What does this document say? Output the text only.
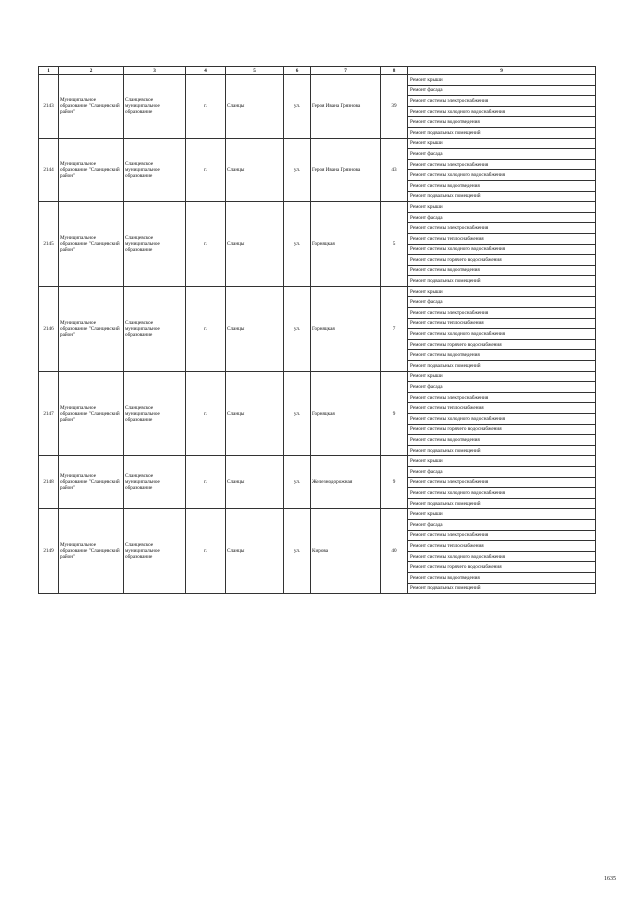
1	2	3	4	5	6	7	8	9
2143	Муниципальное образование "Сланцевский район"	Сланцевское муниципальное образование	г.	Сланцы	ул.	Героя Ивана Грязнова	39	Ремонт крыши
								Ремонт фасада
								Ремонт системы электроснабжения
								Ремонт системы холодного водоснабжения
								Ремонт системы водоотведения
								Ремонт подвальных помещений
2144	Муниципальное образование "Сланцевский район"	Сланцевское муниципальное образование	г.	Сланцы	ул.	Героя Ивана Грязнова	43	Ремонт крыши
								Ремонт фасада
								Ремонт системы электроснабжения
								Ремонт системы холодного водоснабжения
								Ремонт системы водоотведения
								Ремонт подвальных помещений
2145	Муниципальное образование "Сланцевский район"	Сланцевское муниципальное образование	г.	Сланцы	ул.	Горняцкая	5	Ремонт крыши
								Ремонт фасада
								Ремонт системы электроснабжения
								Ремонт системы теплоснабжения
								Ремонт системы холодного водоснабжения
								Ремонт системы горячего водоснабжения
								Ремонт системы водоотведения
								Ремонт подвальных помещений
2146	Муниципальное образование "Сланцевский район"	Сланцевское муниципальное образование	г.	Сланцы	ул.	Горняцкая	7	Ремонт крыши
								Ремонт фасада
								Ремонт системы электроснабжения
								Ремонт системы теплоснабжения
								Ремонт системы холодного водоснабжения
								Ремонт системы горячего водоснабжения
								Ремонт системы водоотведения
								Ремонт подвальных помещений
2147	Муниципальное образование "Сланцевский район"	Сланцевское муниципальное образование	г.	Сланцы	ул.	Горняцкая	9	Ремонт крыши
								Ремонт фасада
								Ремонт системы электроснабжения
								Ремонт системы теплоснабжения
								Ремонт системы холодного водоснабжения
								Ремонт системы горячего водоснабжения
								Ремонт системы водоотведения
								Ремонт подвальных помещений
2148	Муниципальное образование "Сланцевский район"	Сланцевское муниципальное образование	г.	Сланцы	ул.	Железнодорожная	9	Ремонт крыши
								Ремонт фасада
								Ремонт системы электроснабжения
								Ремонт системы холодного водоснабжения
								Ремонт подвальных помещений
2149	Муниципальное образование "Сланцевский район"	Сланцевское муниципальное образование	г.	Сланцы	ул.	Кирова	40	Ремонт крыши
								Ремонт фасада
								Ремонт системы электроснабжения
								Ремонт системы теплоснабжения
								Ремонт системы холодного водоснабжения
								Ремонт системы горячего водоснабжения
								Ремонт системы водоотведения
								Ремонт подвальных помещений
1635
